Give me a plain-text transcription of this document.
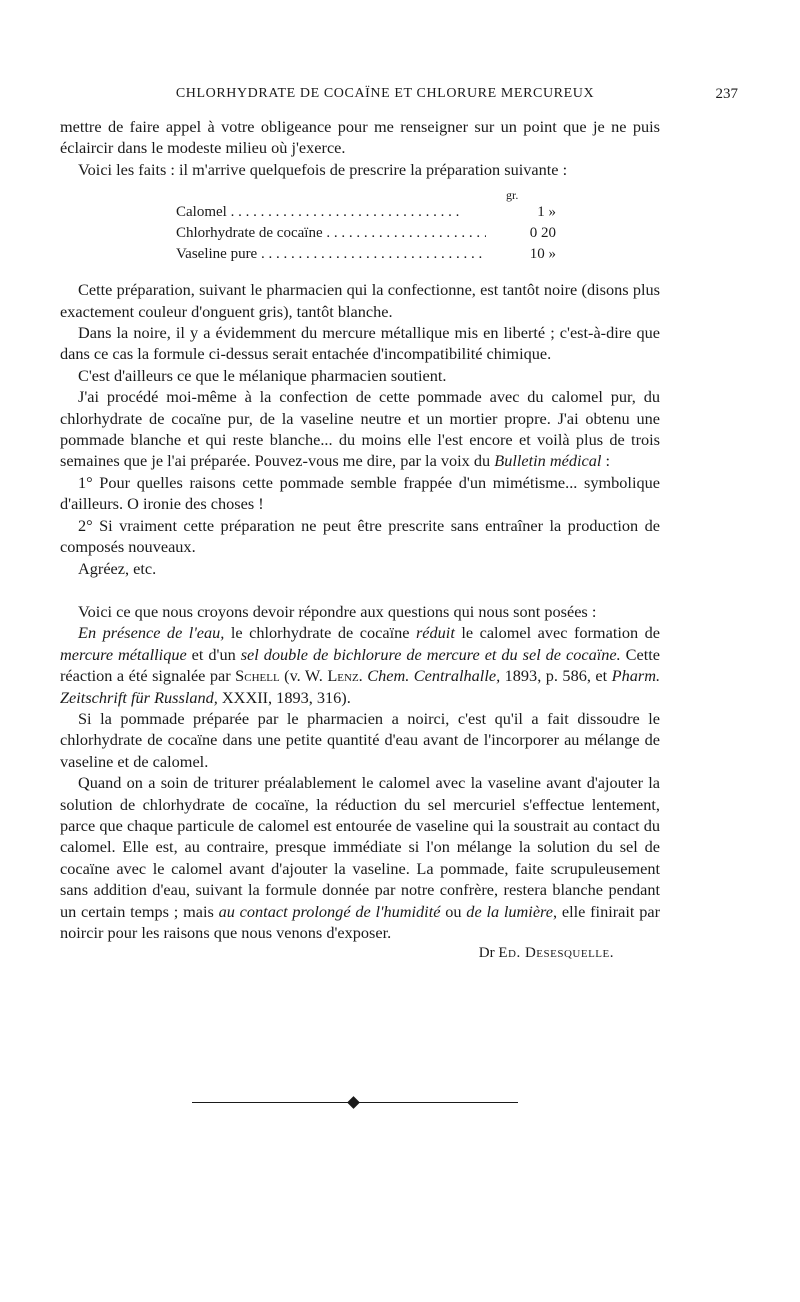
CHLORHYDRATE DE COCAÏNE ET CHLORURE MERCUREUX	237

mettre de faire appel à votre obligeance pour me renseigner sur un point que je ne puis éclaircir dans le modeste milieu où j'exerce.

Voici les faits : il m'arrive quelquefois de prescrire la préparation suivante :

gr.
Calomel . . .	1 »
Chlorhydrate de cocaïne . . .	0 20
Vaseline pure . . .	10 »

Cette préparation, suivant le pharmacien qui la confectionne, est tantôt noire (disons plus exactement couleur d'onguent gris), tantôt blanche.

Dans la noire, il y a évidemment du mercure métallique mis en liberté ; c'est-à-dire que dans ce cas la formule ci-dessus serait entachée d'incompatibilité chimique.

C'est d'ailleurs ce que le mélanique pharmacien soutient.

J'ai procédé moi-même à la confection de cette pommade avec du calomel pur, du chlorhydrate de cocaïne pur, de la vaseline neutre et un mortier propre. J'ai obtenu une pommade blanche et qui reste blanche... du moins elle l'est encore et voilà plus de trois semaines que je l'ai préparée. Pouvez-vous me dire, par la voix du Bulletin médical :

1° Pour quelles raisons cette pommade semble frappée d'un mimétisme... symbolique d'ailleurs. O ironie des choses !

2° Si vraiment cette préparation ne peut être prescrite sans entraîner la production de composés nouveaux.

Agréez, etc.

Voici ce que nous croyons devoir répondre aux questions qui nous sont posées :

En présence de l'eau, le chlorhydrate de cocaïne réduit le calomel avec formation de mercure métallique et d'un sel double de bichlorure de mercure et du sel de cocaïne. Cette réaction a été signalée par Schell (v. W. Lenz. Chem. Centralhalle, 1893, p. 586, et Pharm. Zeitschrift für Russland, XXXII, 1893, 316).

Si la pommade préparée par le pharmacien a noirci, c'est qu'il a fait dissoudre le chlorhydrate de cocaïne dans une petite quantité d'eau avant de l'incorporer au mélange de vaseline et de calomel.

Quand on a soin de triturer préalablement le calomel avec la vaseline avant d'ajouter la solution de chlorhydrate de cocaïne, la réduction du sel mercuriel s'effectue lentement, parce que chaque particule de calomel est entourée de vaseline qui la soustrait au contact du calomel. Elle est, au contraire, presque immédiate si l'on mélange la solution du sel de cocaïne avec le calomel avant d'ajouter la vaseline. La pommade, faite scrupuleusement sans addition d'eau, suivant la formule donnée par notre confrère, restera blanche pendant un certain temps ; mais au contact prolongé de l'humidité ou de la lumière, elle finirait par noircir pour les raisons que nous venons d'exposer.

Dr Ed. Desesquelle.
